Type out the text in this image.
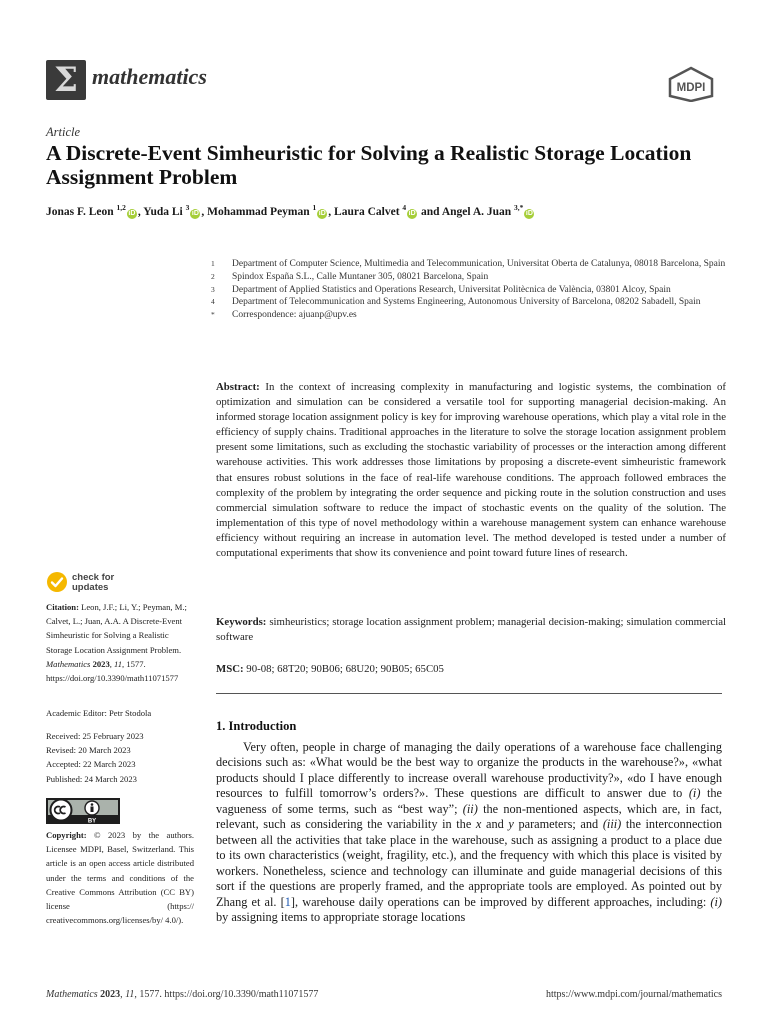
Σ mathematics	MDPI
Article
A Discrete-Event Simheuristic for Solving a Realistic Storage Location Assignment Problem
Jonas F. Leon $^{1,2}$iD , Yuda Li $^3$iD , Mohammad Peyman $^1$iD , Laura Calvet $^4$iD and Angel A. Juan $^{3,*}$iD
1	Department of Computer Science, Multimedia and Telecommunication, Universitat Oberta de Catalunya, 08018 Barcelona, Spain
2	Spindox España S.L., Calle Muntaner 305, 08021 Barcelona, Spain
3	Department of Applied Statistics and Operations Research, Universitat Politècnica de València, 03801 Alcoy, Spain
4	Department of Telecommunication and Systems Engineering, Autonomous University of Barcelona, 08202 Sabadell, Spain
*	Correspondence: ajuanp@upv.es
Abstract: In the context of increasing complexity in manufacturing and logistic systems, the combination of optimization and simulation can be considered a versatile tool for supporting managerial decision-making. An informed storage location assignment policy is key for improving warehouse operations, which play a vital role in the efficiency of supply chains. Traditional approaches in the literature to solve the storage location assignment problem present some limitations, such as excluding the stochastic variability of processes or the interaction among different warehouse activities. This work addresses those limitations by proposing a discrete-event simheuristic framework that ensures robust solutions in the face of real-life warehouse conditions. The approach followed embraces the complexity of the problem by integrating the order sequence and picking route in the solution construction and uses commercial simulation software to reduce the impact of stochastic events on the quality of the solution. The implementation of this type of novel methodology within a warehouse management system can enhance warehouse efficiency without requiring an increase in automation level. The method developed is tested under a number of computational experiments that show its convenience and point toward future lines of research.
Keywords: simheuristics; storage location assignment problem; managerial decision-making; simulation commercial software
MSC: 90-08; 68T20; 90B06; 68U20; 90B05; 65C05
1. Introduction

Very often, people in charge of managing the daily operations of a warehouse face challenging decisions such as: «What would be the best way to organize the products in the warehouse?», «what products should I place differently to increase overall warehouse productivity?», «do I have enough resources to fulfill tomorrow’s orders?». These questions are difficult to answer due to (i) the vagueness of some terms, such as “best way”; (ii) the non-mentioned aspects, which are, in fact, relevant, such as considering the variability in the x and y parameters; and (iii) the interconnection between all the activities that take place in the warehouse, such as assigning a product to a place due to its own characteristics (weight, fragility, etc.), and the frequency with which this place is visited by workers. Nonetheless, science and technology can illuminate and guide managerial decisions of this sort if the questions are properly framed, and the appropriate tools are employed. As pointed out by Zhang et al. [1], warehouse daily operations can be improved by different approaches, including: (i) by assigning items to appropriate storage locations

check for
updates

Citation: Leon, J.F.; Li, Y.; Peyman, M.; Calvet, L.; Juan, A.A. A Discrete-Event Simheuristic for Solving a Realistic Storage Location Assignment Problem. Mathematics 2023, 11, 1577. https://doi.org/10.3390/math11071577

Academic Editor: Petr Stodola
Received: 25 February 2023
Revised: 20 March 2023
Accepted: 22 March 2023
Published: 24 March 2023
BY

Copyright: © 2023 by the authors. Licensee MDPI, Basel, Switzerland. This article is an open access article distributed under the terms and conditions of the Creative Commons Attribution (CC BY) license (https:// creativecommons.org/licenses/by/ 4.0/).

Mathematics 2023, 11, 1577. https://doi.org/10.3390/math11071577	https://www.mdpi.com/journal/mathematics
